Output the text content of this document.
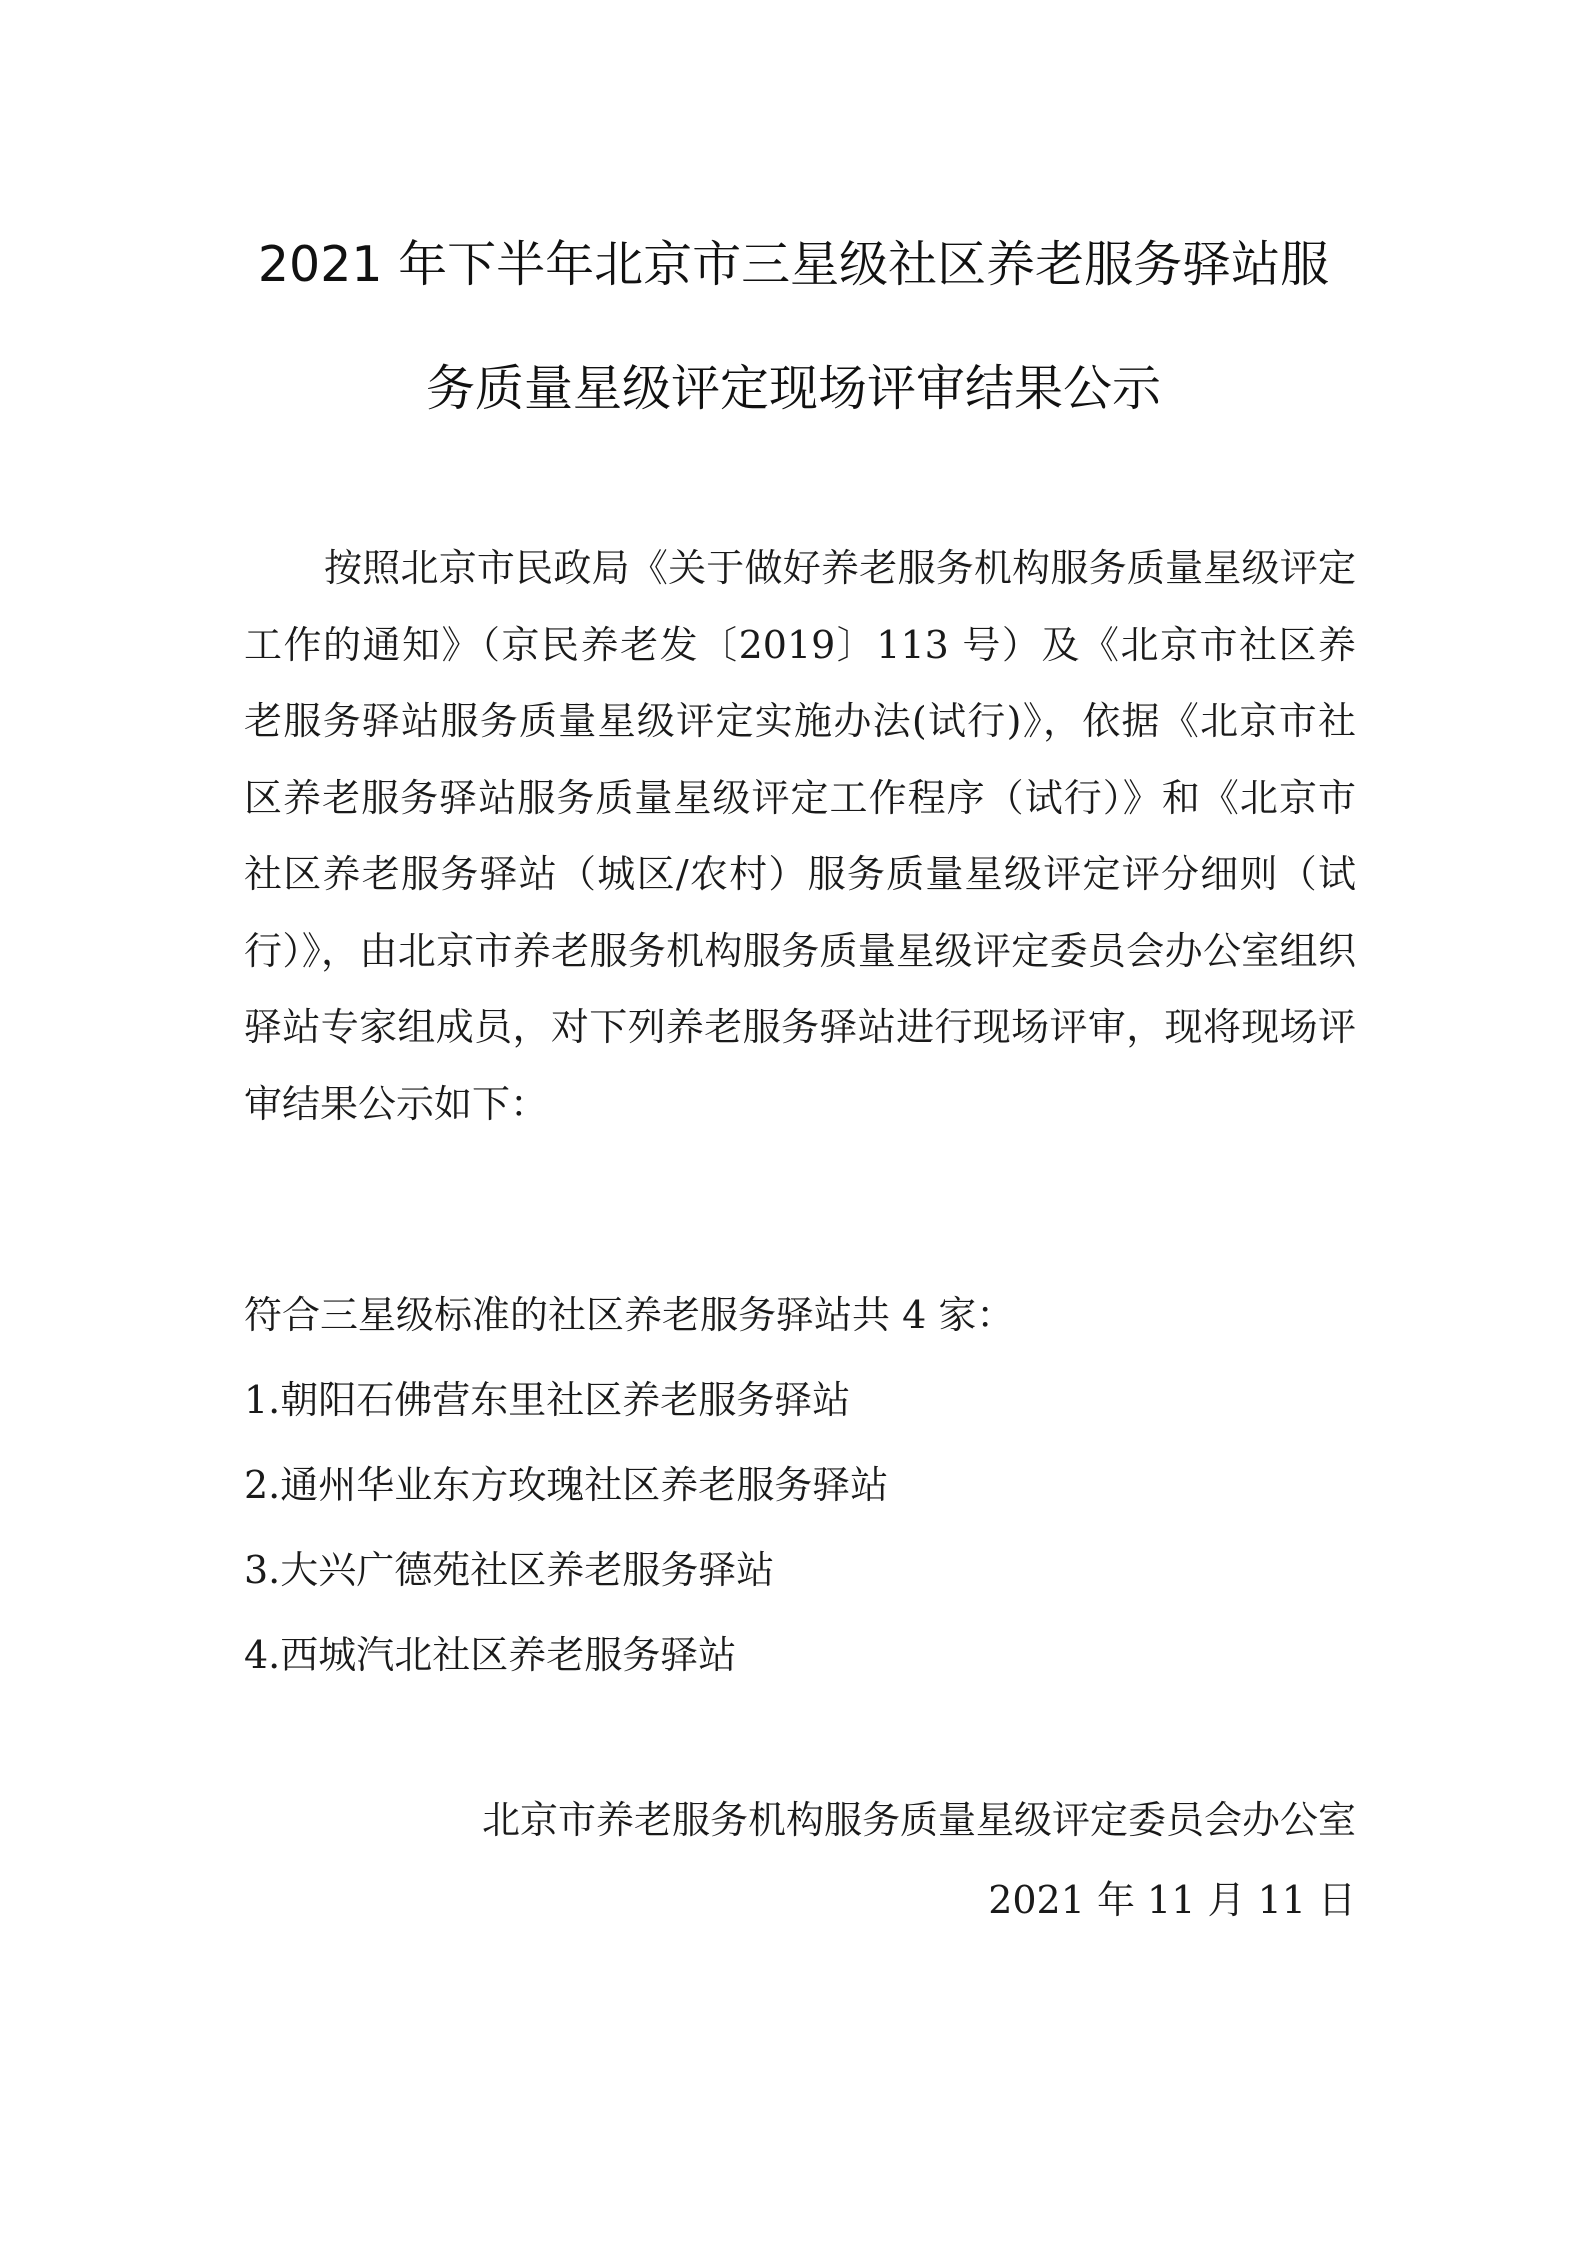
2021 年下半年北京市三星级社区养老服务驿站服
务质量星级评定现场评审结果公示

按照北京市民政局《关于做好养老服务机构服务质量星级评定工作的通知》（京民养老发〔2019〕113 号）及《北京市社区养老服务驿站服务质量星级评定实施办法(试行)》，依据《北京市社区养老服务驿站服务质量星级评定工作程序（试行）》和《北京市社区养老服务驿站（城区/农村）服务质量星级评定评分细则（试行）》，由北京市养老服务机构服务质量星级评定委员会办公室组织驿站专家组成员，对下列养老服务驿站进行现场评审，现将现场评审结果公示如下：

符合三星级标准的社区养老服务驿站共 4 家：
1.朝阳石佛营东里社区养老服务驿站
2.通州华业东方玫瑰社区养老服务驿站
3.大兴广德苑社区养老服务驿站
4.西城汽北社区养老服务驿站
北京市养老服务机构服务质量星级评定委员会办公室
2021 年 11 月 11 日
